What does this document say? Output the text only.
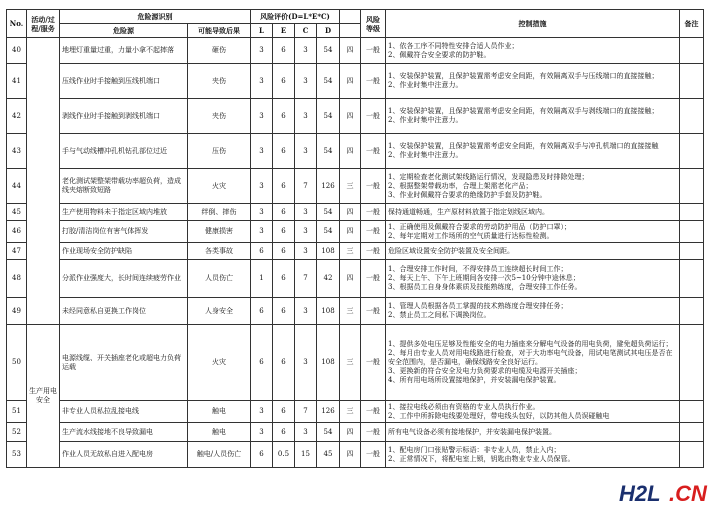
No.	活动/过程/服务	危险源识别		风险评价(D=L*E*C)					风险等级	控制措施	备注
		危险源	可能导致后果	L	E	C	D				
40		地埋灯重量过重，力量小拿不起摔落	砸伤	3	6	3	54	四	一般	1、依各工序不同特性安排合适人员作业；
2、佩戴符合安全要求的防护鞋。	

41		压线作业时手接触到压线机端口	夹伤	3	6	3	54	四	一般	1、安装保护装置，且保护装置需考虑安全间距，有效隔离双手与压线端口的直接接触；
2、作业时集中注意力。	

42		剥线作业时手接触到剥线机端口	夹伤	3	6	3	54	四	一般	1、安装保护装置，且保护装置需考虑安全间距，有效隔离双手与剥线端口的直接接触；
2、作业时集中注意力。	

43		手与气动线槽冲孔机钻孔部位过近	压伤	3	6	3	54	四	一般	1、安装保护装置，且保护装置需考虑安全间距，有效隔离双手与冲孔机端口的直接接触
2、作业时集中注意力。	

44		老化测试架整架带载功率超负荷，造成线夹熔断致短路	火灾	3	6	7	126	三	一般	1、定期检查老化测试架线路运行情况，发现隐患及时排除处理；
2、根据整架带载功率，合理上架需老化产品；
3、作业时佩戴符合要求的绝缘防护手套及防护鞋。	

45		生产使用物料未于指定区域内堆放	绊倒、摔伤	3	6	3	54	四	一般	保持通道畅通，生产原材料放置于指定划线区域内。	

46		打胶/清洁岗位有害气体挥发	健康损害	3	6	3	54	四	一般	1、正确使用及佩戴符合要求的劳动防护用品（防护口罩）；
2、每年定期对工作场所的空气质量进行达标性检测。	

47		作业现场安全防护缺陷	各类事故	6	6	3	108	三	一般	危险区域设置安全防护装置及安全间距。	

48		分派作业强度大，长时间连续疲劳作业	人员伤亡	1	6	7	42	四	一般	1、合理安排工作时间，不得安排员工连续超长时间工作；
2、每天上午、下午上班期间各安排一次5~10分钟中途休息；
3、根据员工自身身体素质及技能熟练度，合理安排工作任务。	

49		未经同意私自更换工作岗位	人身安全	6	6	3	108	三	一般	1、管理人员根据各员工掌握的技术熟练度合理安排任务；
2、禁止员工之间私下调换岗位。	

50	生产用电安全	电源线缆、开关插座老化或超电力负荷运载	火灾	6	6	3	108	三	一般	1、提供多处电压足够及性能安全的电力插座来分解电气设备的用电负荷，避免超负荷运行；
2、每月由专业人员对用电线路进行检查，对于大功率电气设备，用试电笔测试其电压是否在安全范围内，是否漏电，确保线路安全良好运行。
3、更换新的符合安全及电力负荷要求的电缆及电源开关插座；
4、所有用电场所设置接地保护，并安装漏电保护装置。	

51		非专业人员私拉乱接电线	触电	3	6	7	126	三	一般	1、接拉电线必须由有资格的专业人员执行作业。
2、工作中所拆除电线要处理好，带电线头包好，以防其他人员误碰触电	

52		生产流水线接地不良导致漏电	触电	3	6	3	54	四	一般	所有电气设备必须有接地保护，并安装漏电保护装置。	

53		作业人员无故私自进入配电房	触电/人员伤亡	6	0.5	15	45	四	一般	1、配电房门口张贴警示标语：非专业人员，禁止入内；
2、正常情况下，将配电室上锁，钥匙由物业专业人员保管。	

H2L .CN
